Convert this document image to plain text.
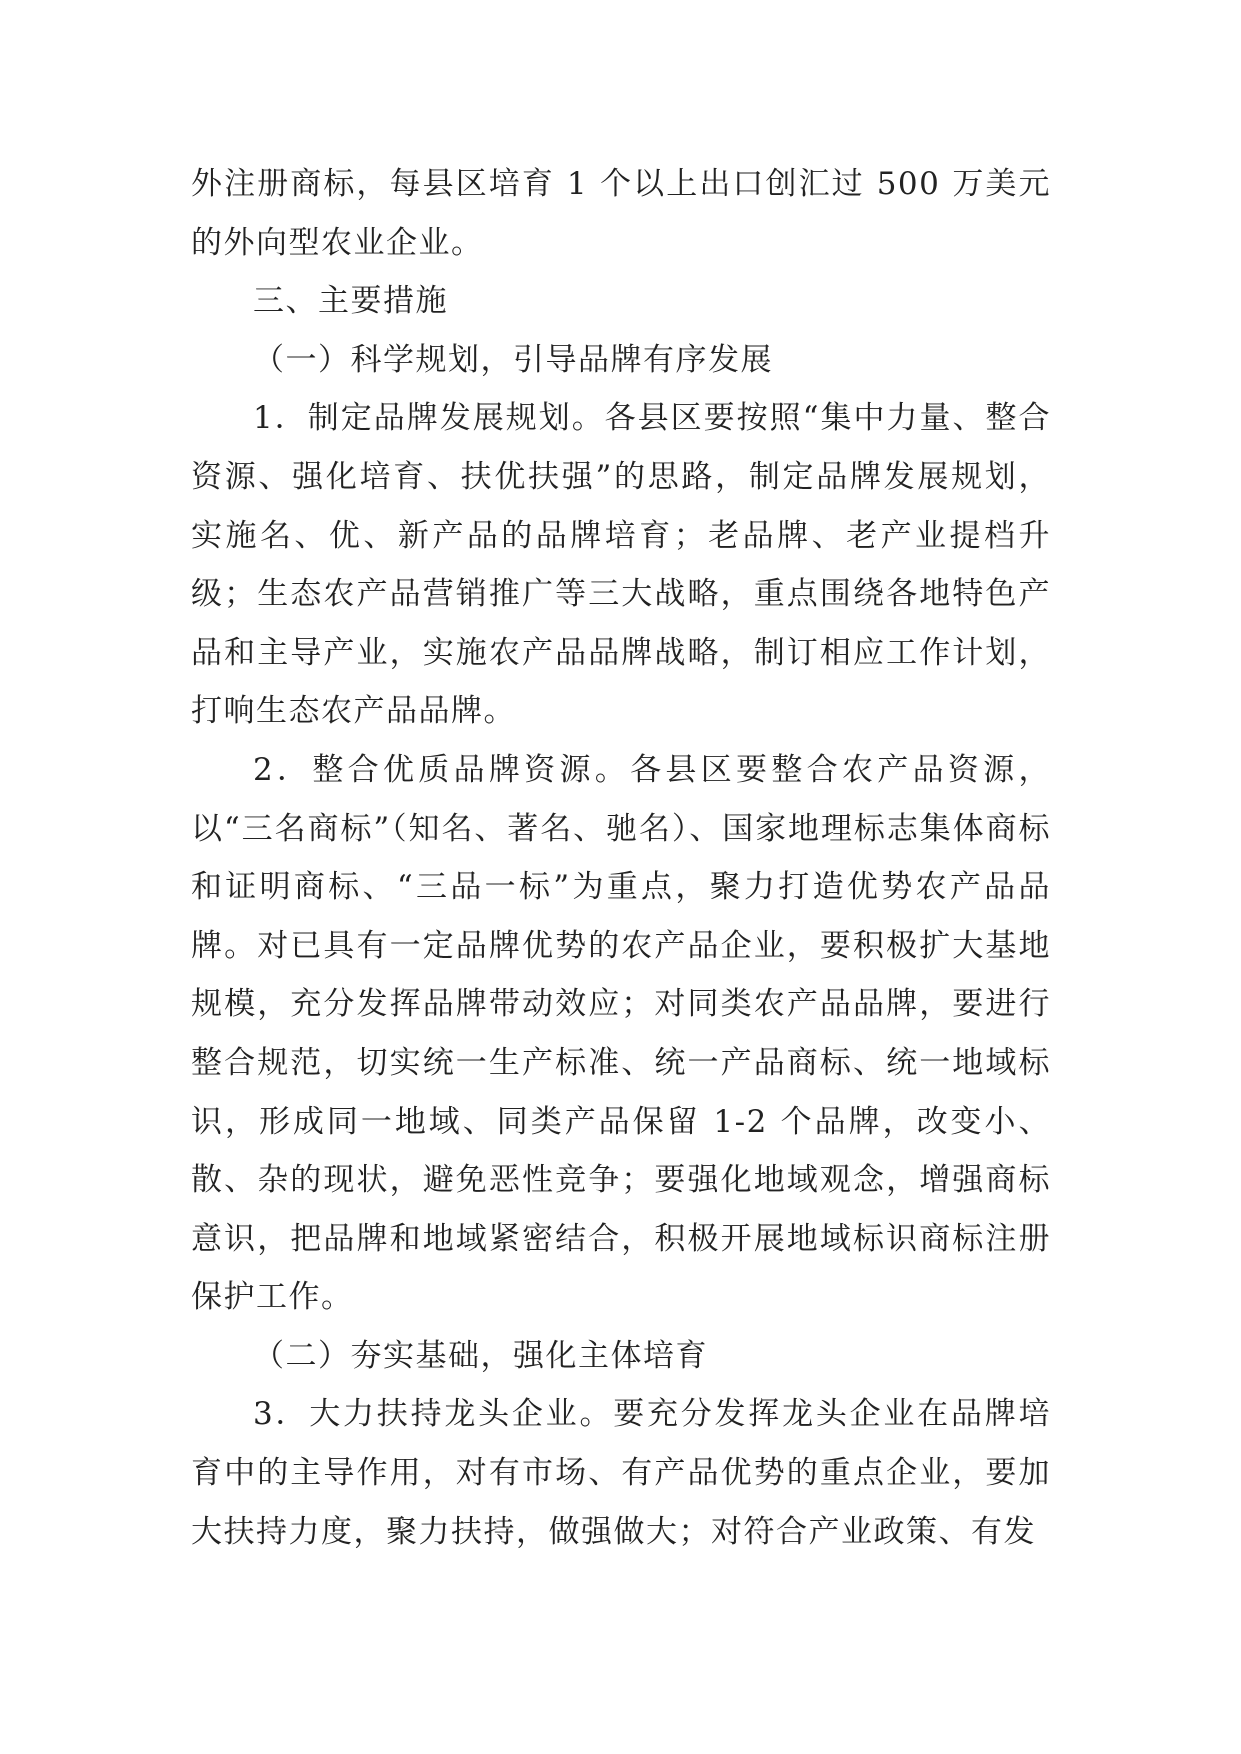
外注册商标，每县区培育 1 个以上出口创汇过 500 万美元的外向型农业企业。

三、主要措施

（一）科学规划，引导品牌有序发展

1．制定品牌发展规划。各县区要按照“集中力量、整合资源、强化培育、扶优扶强”的思路，制定品牌发展规划，实施名、优、新产品的品牌培育；老品牌、老产业提档升级；生态农产品营销推广等三大战略，重点围绕各地特色产品和主导产业，实施农产品品牌战略，制订相应工作计划，打响生态农产品品牌。

2．整合优质品牌资源。各县区要整合农产品资源，以“三名商标”（知名、著名、驰名）、国家地理标志集体商标和证明商标、“三品一标”为重点，聚力打造优势农产品品牌。对已具有一定品牌优势的农产品企业，要积极扩大基地规模，充分发挥品牌带动效应；对同类农产品品牌，要进行整合规范，切实统一生产标准、统一产品商标、统一地域标识，形成同一地域、同类产品保留 1-2 个品牌，改变小、散、杂的现状，避免恶性竞争；要强化地域观念，增强商标意识，把品牌和地域紧密结合，积极开展地域标识商标注册保护工作。

（二）夯实基础，强化主体培育

3．大力扶持龙头企业。要充分发挥龙头企业在品牌培育中的主导作用，对有市场、有产品优势的重点企业，要加大扶持力度，聚力扶持，做强做大；对符合产业政策、有发
